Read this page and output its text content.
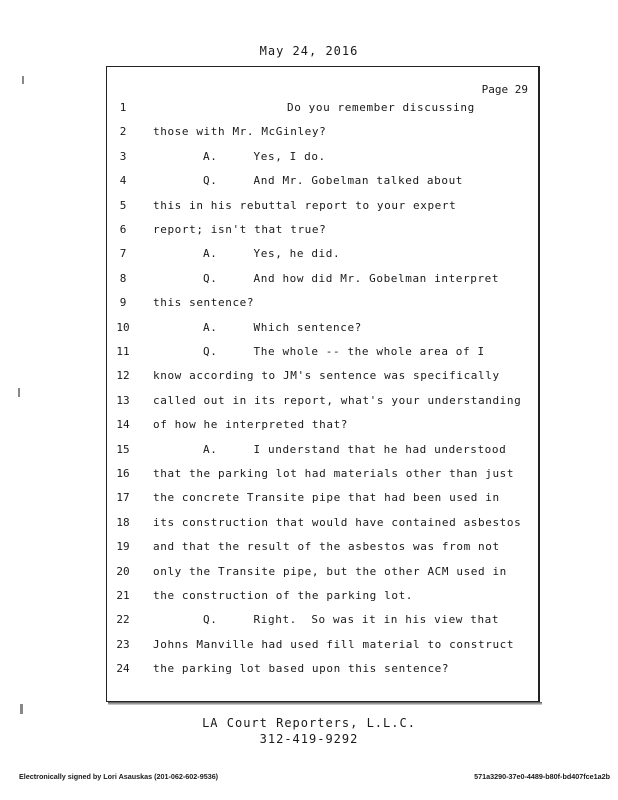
May 24, 2016
Page 29
1	Do you remember discussing
2	those with Mr. McGinley?
3	A.     Yes, I do.
4	Q.     And Mr. Gobelman talked about
5	this in his rebuttal report to your expert
6	report; isn't that true?
7	A.     Yes, he did.
8	Q.     And how did Mr. Gobelman interpret
9	this sentence?
10	A.     Which sentence?
11	Q.     The whole -- the whole area of I
12	know according to JM's sentence was specifically
13	called out in its report, what's your understanding
14	of how he interpreted that?
15	A.     I understand that he had understood
16	that the parking lot had materials other than just
17	the concrete Transite pipe that had been used in
18	its construction that would have contained asbestos
19	and that the result of the asbestos was from not
20	only the Transite pipe, but the other ACM used in
21	the construction of the parking lot.
22	Q.     Right.  So was it in his view that
23	Johns Manville had used fill material to construct
24	the parking lot based upon this sentence?
LA Court Reporters, L.L.C.
312-419-9292
Electronically signed by Lori Asauskas (201-062-602-9536)	571a3290-37e0-4489-b80f-bd407fce1a2b
